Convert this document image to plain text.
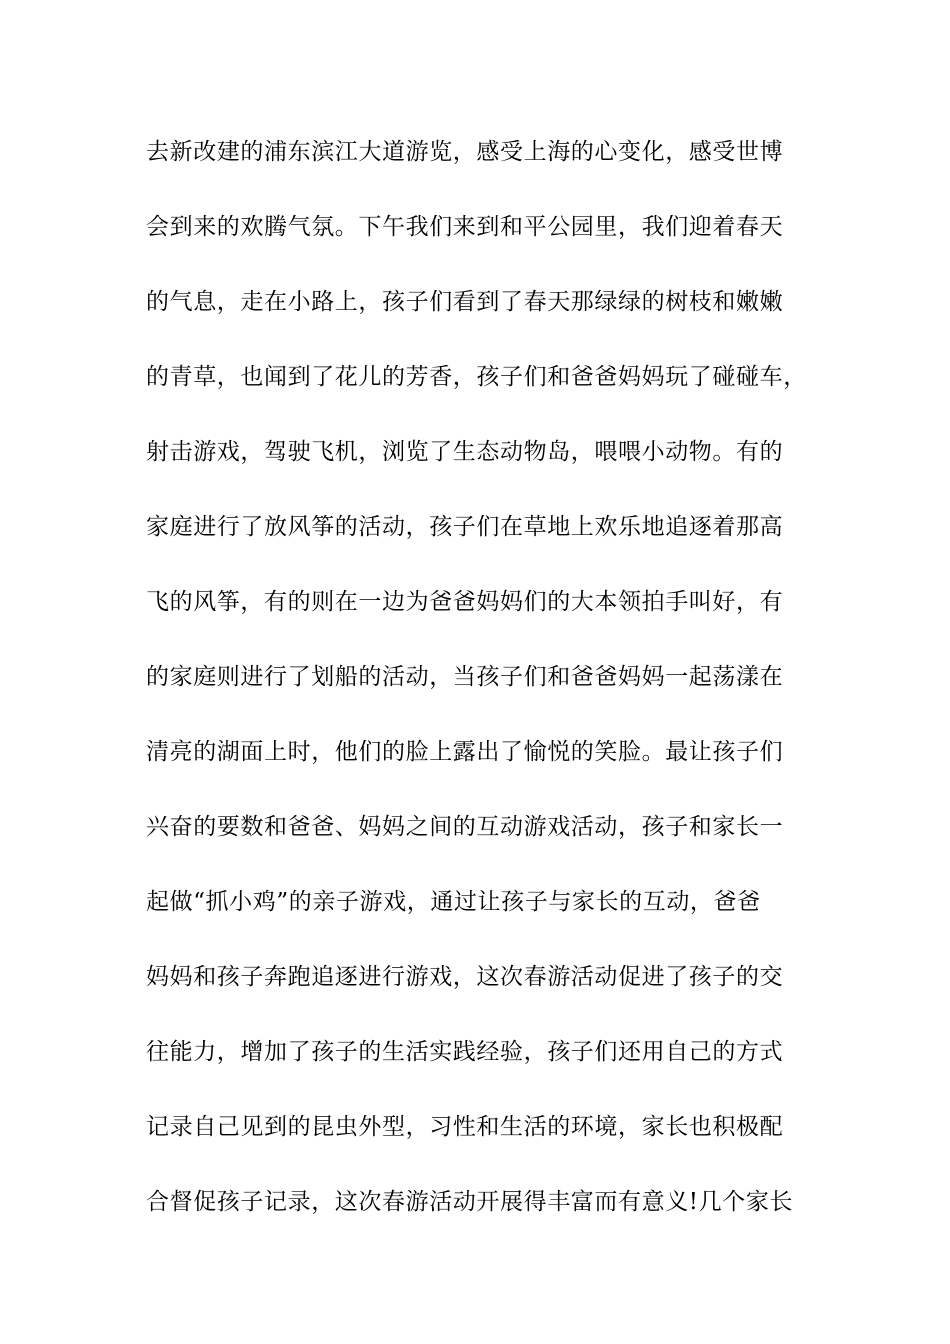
去新改建的浦东滨江大道游览，感受上海的心变化，感受世博
会到来的欢腾气氛。下午我们来到和平公园里，我们迎着春天
的气息，走在小路上，孩子们看到了春天那绿绿的树枝和嫩嫩
的青草，也闻到了花儿的芳香，孩子们和爸爸妈妈玩了碰碰车，
射击游戏，驾驶飞机，浏览了生态动物岛，喂喂小动物。有的
家庭进行了放风筝的活动，孩子们在草地上欢乐地追逐着那高
飞的风筝，有的则在一边为爸爸妈妈们的大本领拍手叫好，有
的家庭则进行了划船的活动，当孩子们和爸爸妈妈一起荡漾在
清亮的湖面上时，他们的脸上露出了愉悦的笑脸。最让孩子们
兴奋的要数和爸爸、妈妈之间的互动游戏活动，孩子和家长一
起做“抓小鸡”的亲子游戏，通过让孩子与家长的互动，爸爸
妈妈和孩子奔跑追逐进行游戏，这次春游活动促进了孩子的交
往能力，增加了孩子的生活实践经验，孩子们还用自己的方式
记录自己见到的昆虫外型，习性和生活的环境，家长也积极配
合督促孩子记录，这次春游活动开展得丰富而有意义!几个家长
